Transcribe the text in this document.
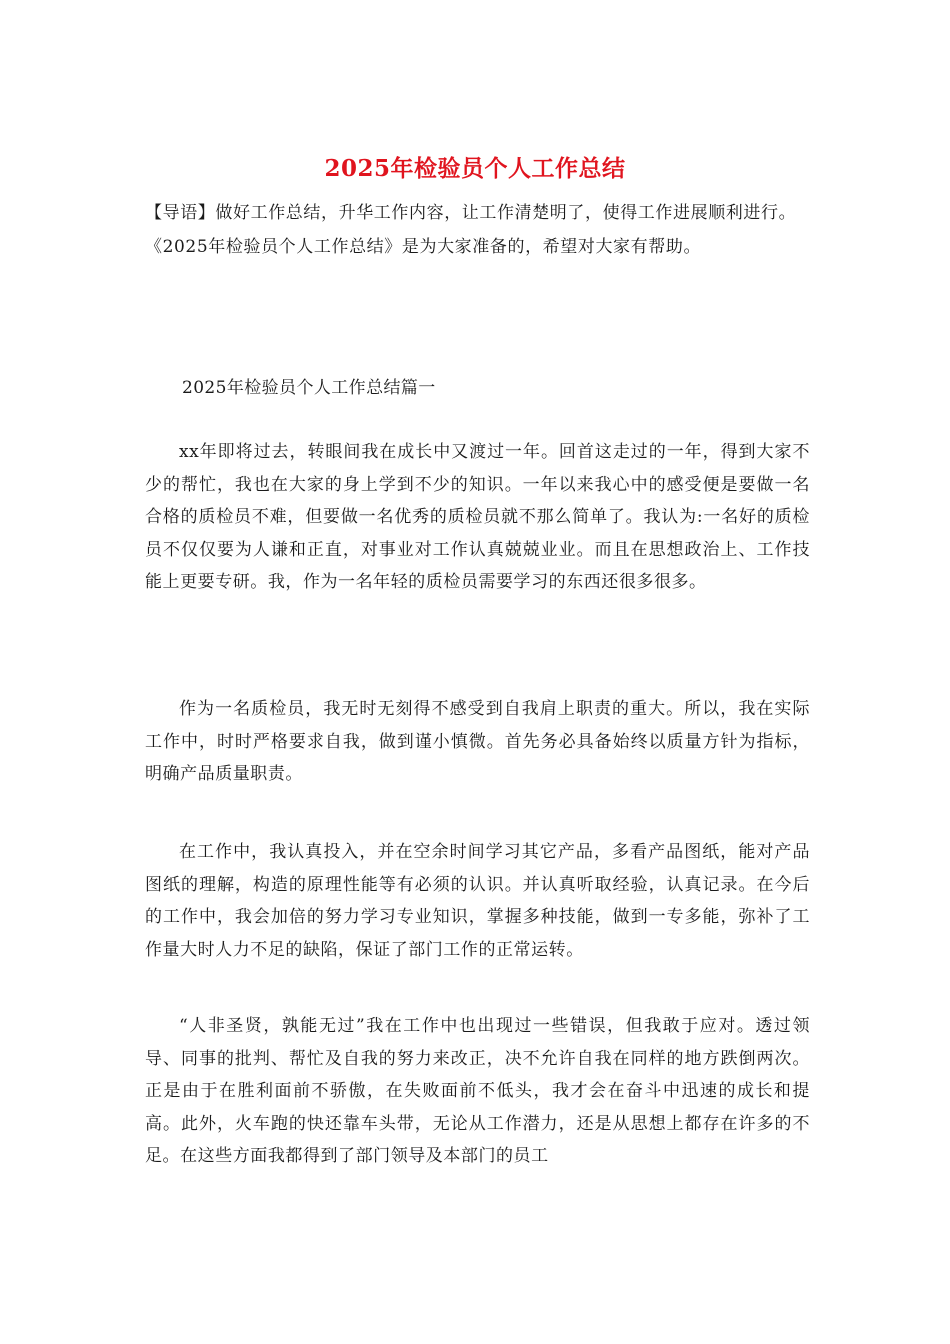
2025年检验员个人工作总结
【导语】做好工作总结，升华工作内容，让工作清楚明了，使得工作进展顺利进行。《2025年检验员个人工作总结》是为大家准备的，希望对大家有帮助。
2025年检验员个人工作总结篇一
xx年即将过去，转眼间我在成长中又渡过一年。回首这走过的一年，得到大家不少的帮忙，我也在大家的身上学到不少的知识。一年以来我心中的感受便是要做一名合格的质检员不难，但要做一名优秀的质检员就不那么简单了。我认为:一名好的质检员不仅仅要为人谦和正直，对事业对工作认真兢兢业业。而且在思想政治上、工作技能上更要专研。我，作为一名年轻的质检员需要学习的东西还很多很多。
作为一名质检员，我无时无刻得不感受到自我肩上职责的重大。所以，我在实际工作中，时时严格要求自我，做到谨小慎微。首先务必具备始终以质量方针为指标，明确产品质量职责。
在工作中，我认真投入，并在空余时间学习其它产品，多看产品图纸，能对产品图纸的理解，构造的原理性能等有必须的认识。并认真听取经验，认真记录。在今后的工作中，我会加倍的努力学习专业知识，掌握多种技能，做到一专多能，弥补了工作量大时人力不足的缺陷，保证了部门工作的正常运转。
“人非圣贤，孰能无过”我在工作中也出现过一些错误，但我敢于应对。透过领导、同事的批判、帮忙及自我的努力来改正，决不允许自我在同样的地方跌倒两次。正是由于在胜利面前不骄傲，在失败面前不低头，我才会在奋斗中迅速的成长和提高。此外，火车跑的快还靠车头带，无论从工作潜力，还是从思想上都存在许多的不足。在这些方面我都得到了部门领导及本部门的员工
